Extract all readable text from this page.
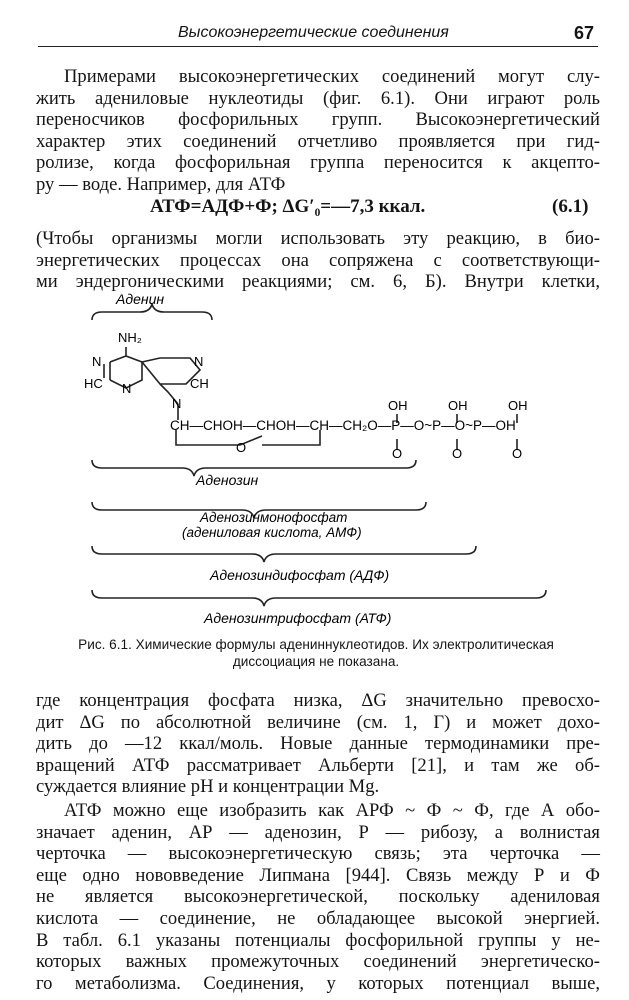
Высокоэнергетические соединения	67
Примерами высокоэнергетических соединений могут слу-
жить адениловые нуклеотиды (фиг. 6.1). Они играют роль
переносчиков фосфорильных групп. Высокоэнергетический
характер этих соединений отчетливо проявляется при гид-
ролизе, когда фосфорильная группа переносится к акцепто-
ру — воде. Например, для АТФ
АТФ=АДФ+Ф; ΔG′₀=—7,3 ккал.	(6.1)
(Чтобы организмы могли использовать эту реакцию, в био-
энергетических процессах она сопряжена с соответствующи-
ми эндергоническими реакциями; см. 6, Б). Внутри клетки,
Аденин
NH₂
N	N
HC N	CH
N
CH—CHOH—CHOH—CH—CH₂O—P—O~P—O~P—OH
O
OH	OH	OH
O	O	O
Аденозин
Аденозинмонофосфат
(адениловая кислота, АМФ)
Аденозиндифосфат (АДФ)
Аденозинтрифосфат (АТФ)
Рис. 6.1. Химические формулы адениннуклеотидов. Их электролитическая
диссоциация не показана.
где концентрация фосфата низка, ΔG значительно превосхо-
дит ΔG по абсолютной величине (см. 1, Г) и может дохо-
дить до —12 ккал/моль. Новые данные термодинамики пре-
вращений АТФ рассматривает Альберти [21], и там же об-
суждается влияние pH и концентрации Mg.
АТФ можно еще изобразить как АРФ ~ Ф ~ Ф, где А обо-
значает аденин, АР — аденозин, Р — рибозу, а волнистая
черточка — высокоэнергетическую связь; эта черточка —
еще одно нововведение Липмана [944]. Связь между Р и Ф
не является высокоэнергетической, поскольку адениловая
кислота — соединение, не обладающее высокой энергией.
В табл. 6.1 указаны потенциалы фосфорильной группы у не-
которых важных промежуточных соединений энергетическо-
го метаболизма. Соединения, у которых потенциал выше,
